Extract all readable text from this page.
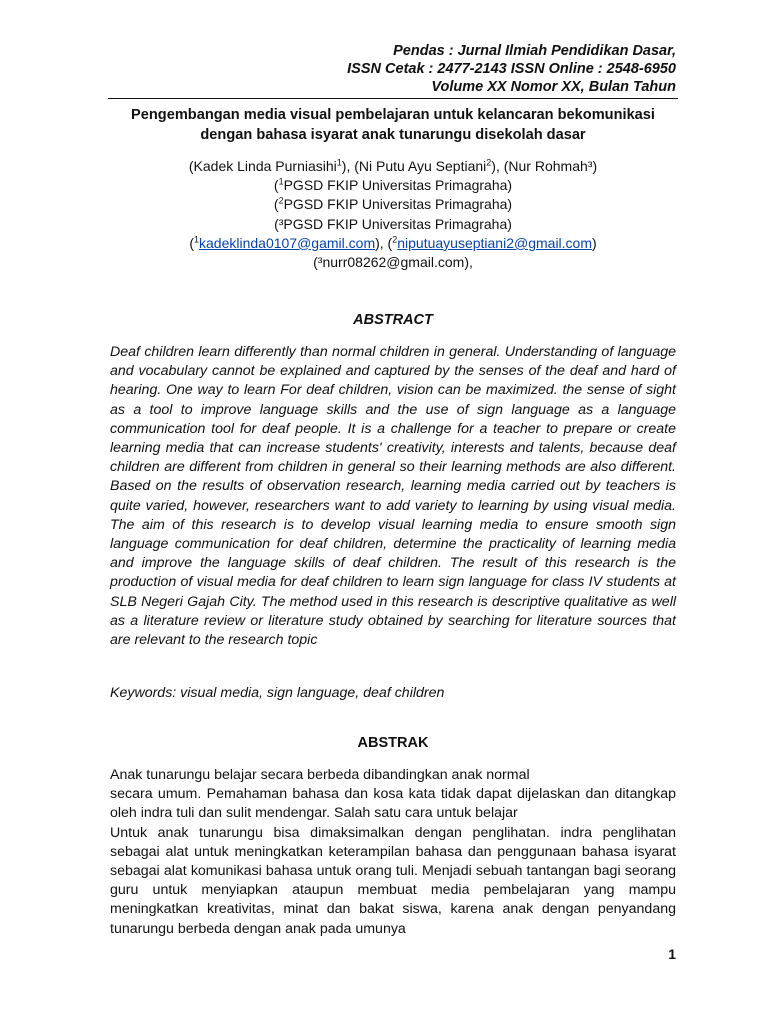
Pendas : Jurnal Ilmiah Pendidikan Dasar,
ISSN Cetak : 2477-2143 ISSN Online : 2548-6950
Volume XX Nomor XX, Bulan Tahun
Pengembangan media visual pembelajaran untuk kelancaran bekomunikasi
dengan bahasa isyarat anak tunarungu disekolah dasar
(Kadek Linda Purniasihi$^1$), (Ni Putu Ayu Septiani$^2$), (Nur Rohmah³)
($^1$PGSD FKIP Universitas Primagraha)
($^2$PGSD FKIP Universitas Primagraha)
(³PGSD FKIP Universitas Primagraha)
($^1$kadeklinda0107@gamil.com), ($^2$niputuayuseptiani2@gmail.com)
(³nurr08262@gmail.com),
ABSTRACT
Deaf children learn differently than normal children in general. Understanding of language and vocabulary cannot be explained and captured by the senses of the deaf and hard of hearing. One way to learn For deaf children, vision can be maximized. the sense of sight as a tool to improve language skills and the use of sign language as a language communication tool for deaf people. It is a challenge for a teacher to prepare or create learning media that can increase students' creativity, interests and talents, because deaf children are different from children in general so their learning methods are also different. Based on the results of observation research, learning media carried out by teachers is quite varied, however, researchers want to add variety to learning by using visual media. The aim of this research is to develop visual learning media to ensure smooth sign language communication for deaf children, determine the practicality of learning media and improve the language skills of deaf children. The result of this research is the production of visual media for deaf children to learn sign language for class IV students at SLB Negeri Gajah City. The method used in this research is descriptive qualitative as well as a literature review or literature study obtained by searching for literature sources that are relevant to the research topic
Keywords: visual media, sign language, deaf children
ABSTRAK
Anak tunarungu belajar secara berbeda dibandingkan anak normal
secara umum. Pemahaman bahasa dan kosa kata tidak dapat dijelaskan dan ditangkap oleh indra tuli dan sulit mendengar. Salah satu cara untuk belajar
Untuk anak tunarungu bisa dimaksimalkan dengan penglihatan. indra penglihatan sebagai alat untuk meningkatkan keterampilan bahasa dan penggunaan bahasa isyarat sebagai alat komunikasi bahasa untuk orang tuli. Menjadi sebuah tantangan bagi seorang guru untuk menyiapkan ataupun membuat media pembelajaran yang mampu meningkatkan kreativitas, minat dan bakat siswa, karena anak dengan penyandang tunarungu berbeda dengan anak pada umunya
1
